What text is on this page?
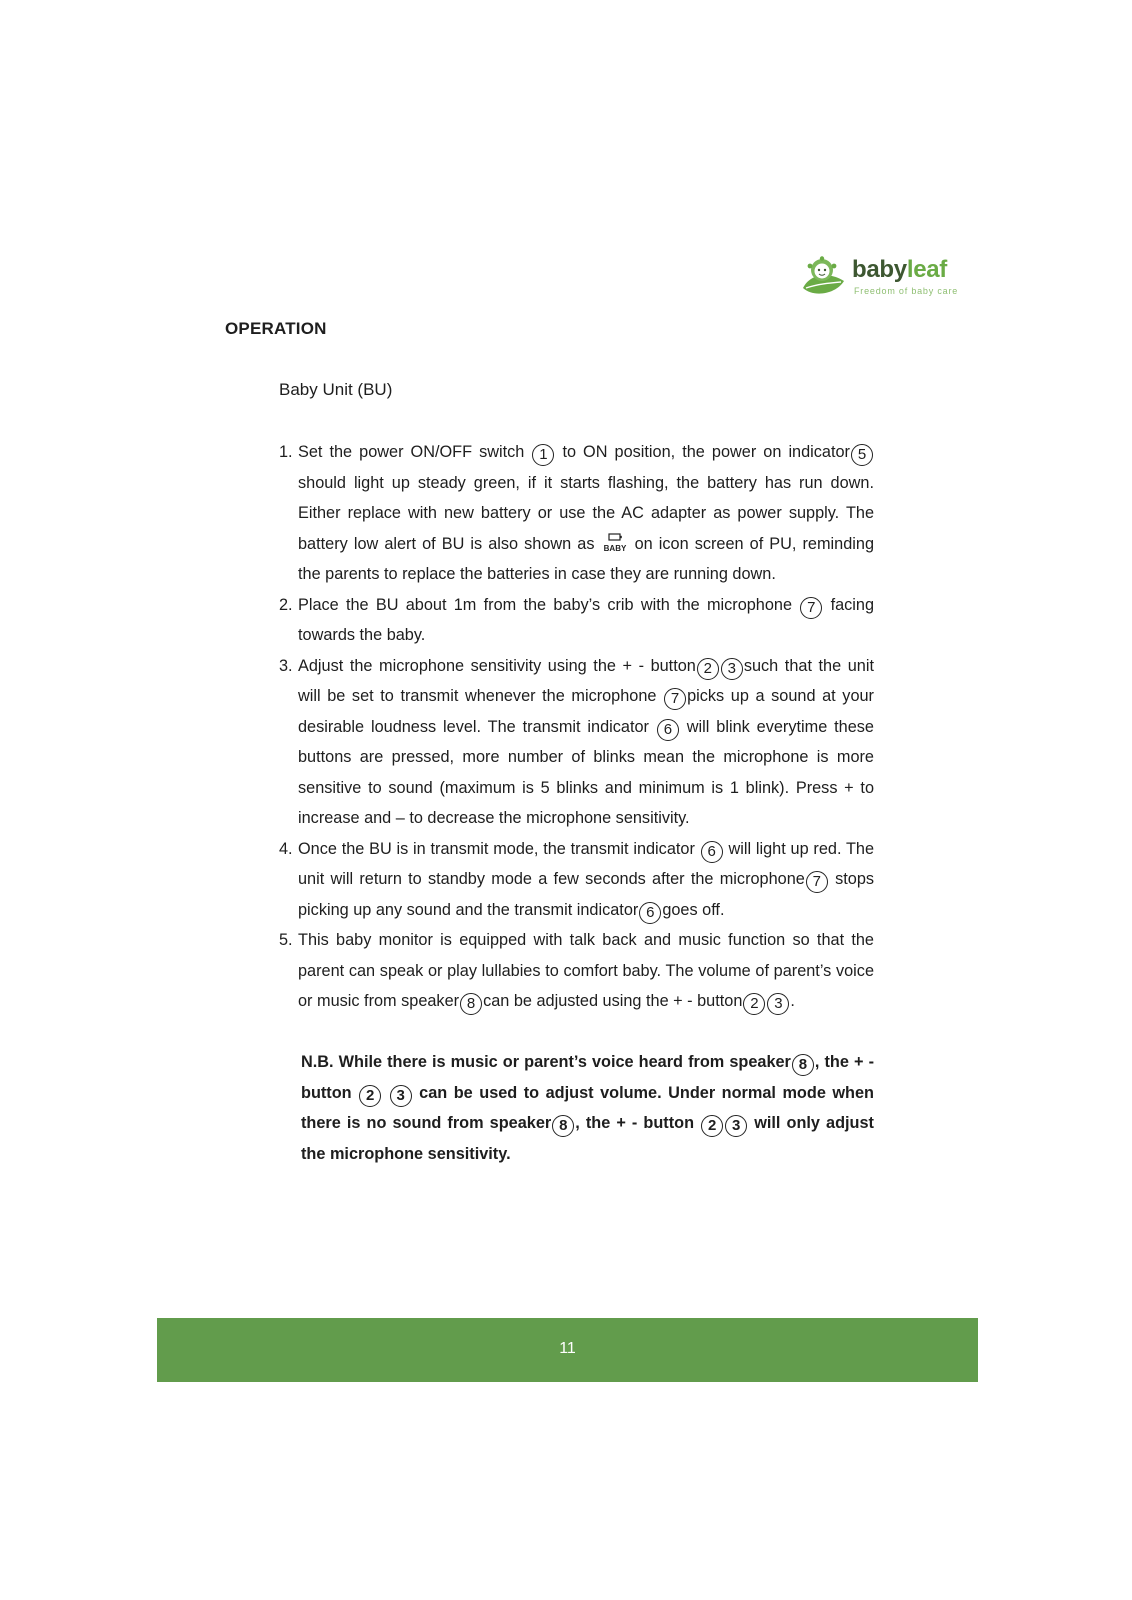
babyleaf
Freedom of baby care
OPERATION
Baby Unit (BU)
1. Set the power ON/OFF switch 1 to ON position, the power on indicator 5 should light up steady green, if it starts flashing, the battery has run down. Either replace with new battery or use the AC adapter as power supply. The battery low alert of BU is also shown as BABY on icon screen of PU, reminding the parents to replace the batteries in case they are running down.
2. Place the BU about 1m from the baby’s crib with the microphone 7 facing towards the baby.
3. Adjust the microphone sensitivity using the + - button 2 3 such that the unit will be set to transmit whenever the microphone 7 picks up a sound at your desirable loudness level. The transmit indicator 6 will blink everytime these buttons are pressed, more number of blinks mean the microphone is more sensitive to sound (maximum is 5 blinks and minimum is 1 blink). Press + to increase and – to decrease the microphone sensitivity.
4. Once the BU is in transmit mode, the transmit indicator 6 will light up red. The unit will return to standby mode a few seconds after the microphone 7 stops picking up any sound and the transmit indicator 6 goes off.
5. This baby monitor is equipped with talk back and music function so that the parent can speak or play lullabies to comfort baby. The volume of parent’s voice or music from speaker 8 can be adjusted using the + - button 2 3 .
N.B. While there is music or parent’s voice heard from speaker 8 , the + - button 2 3 can be used to adjust volume. Under normal mode when there is no sound from speaker 8 , the + - button 2 3 will only adjust the microphone sensitivity.
11
